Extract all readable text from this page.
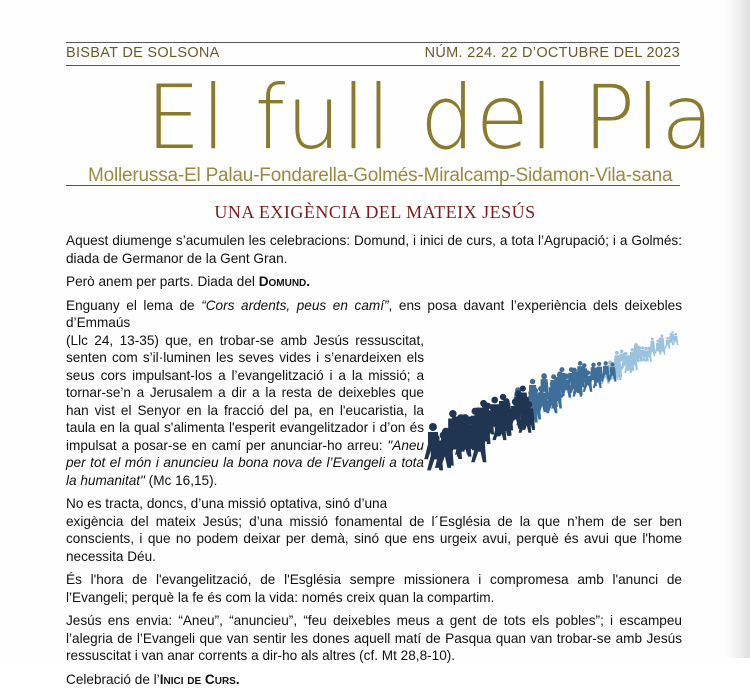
BISBAT DE SOLSONA	NÚM. 224. 22 D’OCTUBRE DEL 2023
El full del Pla
Mollerussa-El Palau-Fondarella-Golmés-Miralcamp-Sidamon-Vila-sana
UNA EXIGÈNCIA DEL MATEIX JESÚS

Aquest diumenge s’acumulen les celebracions: Domund, i inici de curs, a tota l’Agrupació; i a Golmés: diada de Germanor de la Gent Gran.

Però anem per parts. Diada del Domund.

Enguany el lema de “Cors ardents, peus en camí”, ens posa davant l’experiència dels deixebles d’Emmaús

(Llc 24, 13-35) que, en trobar-se amb Jesús ressuscitat, senten com s’il·luminen les seves vides i s’enardeixen els seus cors impulsant-los a l’evangelització i a la missió; a tornar-se’n a Jerusalem a dir a la resta de deixebles que han vist el Senyor en la fracció del pa, en l'eucaristia, la taula en la qual s'alimenta l'esperit evangelitzador i d’on és impulsat a posar-se en camí per anunciar-ho arreu: "Aneu per tot el món i anuncieu la bona nova de l’Evangeli a tota la humanitat" (Mc 16,15).

No es tracta, doncs, d’una missió optativa, sinó d’una
exigència del mateix Jesús; d’una missió fonamental de l´Església de la que n’hem de ser ben conscients, i que no podem deixar per demà, sinó que ens urgeix avui, perquè és avui que l'home necessita Déu.

És l'hora de l'evangelització, de l'Església sempre missionera i compromesa amb l'anunci de l’Evangeli; perquè la fe és com la vida: només creix quan la compartim.

Jesús ens envia: “Aneu”, “anuncieu”, “feu deixebles meus a gent de tots els pobles”; i escampeu l’alegria de l’Evangeli que van sentir les dones aquell matí de Pasqua quan van trobar-se amb Jesús ressuscitat i van anar corrents a dir-ho als altres (cf. Mt 28,8-10).

Celebració de l’Inici de Curs.
